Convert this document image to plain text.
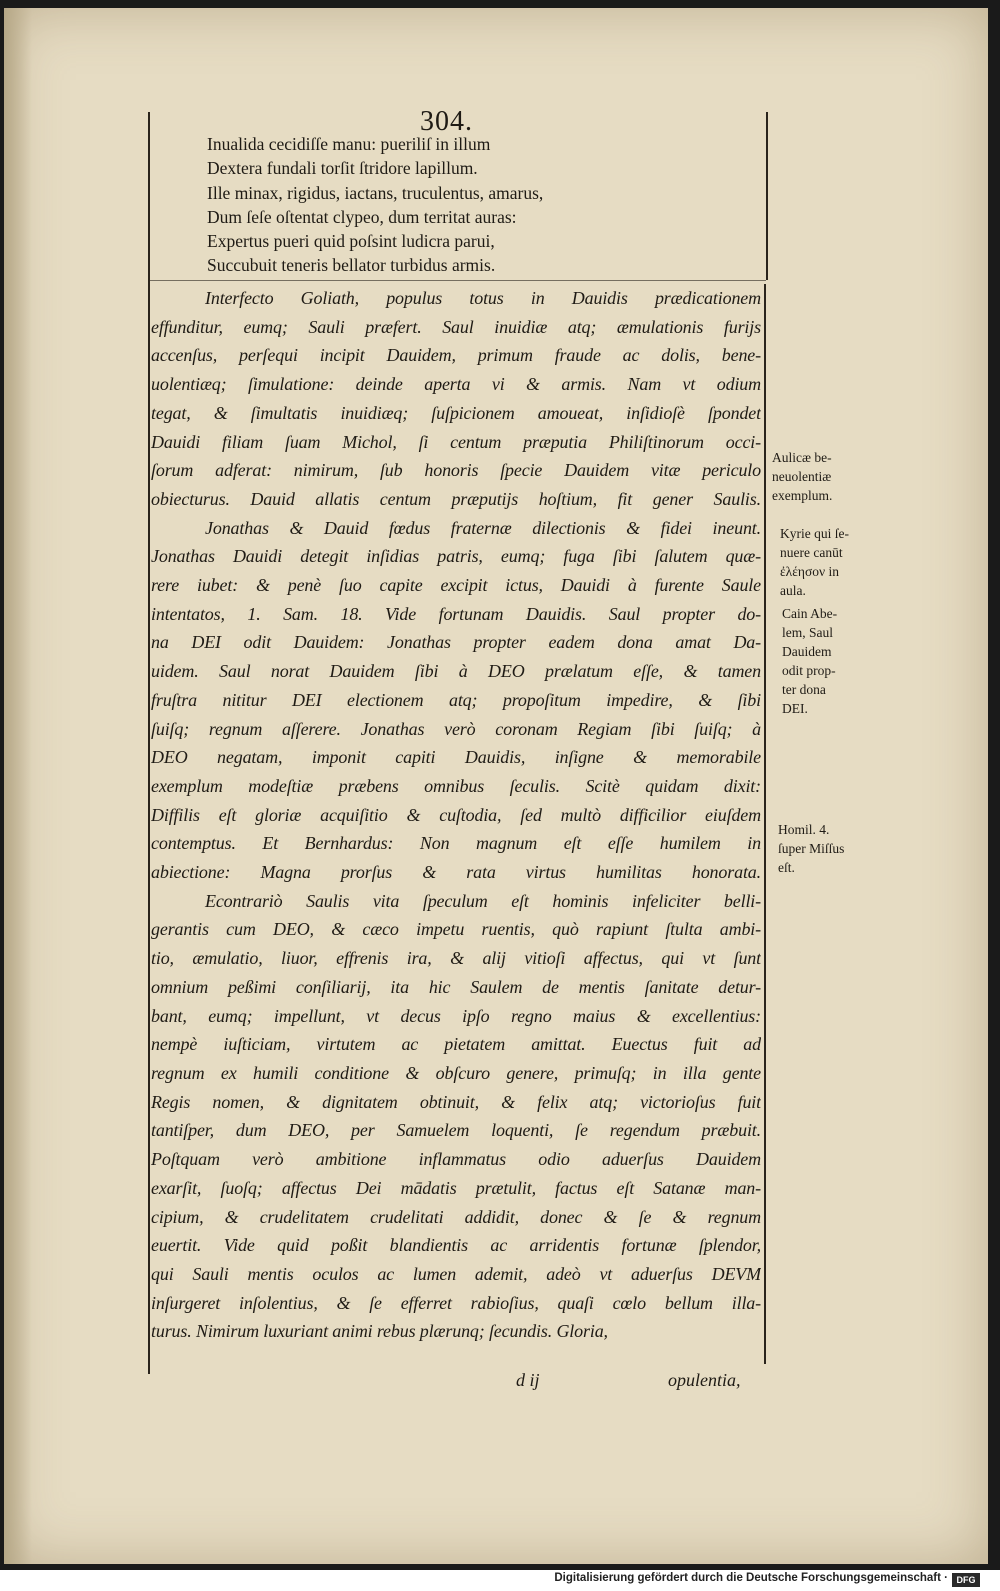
304.
Inualida cecidiſſe manu: pueriliſ in illum
Dextera fundali torſit ſtridore lapillum.
Ille minax, rigidus, iactans, truculentus, amarus,
Dum ſeſe oſtentat clypeo, dum territat auras:
Expertus pueri quid poſsint ludicra parui,
Succubuit teneris bellator turbidus armis.
Interfecto Goliath, populus totus in Dauidis prædicationem
effunditur, eumq; Sauli præfert. Saul inuidiæ atq; æmulationis furijs
accenſus, perſequi incipit Dauidem, primum fraude ac dolis, bene-
uolentiæq; ſimulatione: deinde aperta vi & armis. Nam vt odium
tegat, & ſimultatis inuidiæq; ſuſpicionem amoueat, inſidioſè ſpondet
Dauidi filiam ſuam Michol, ſi centum præputia Philiſtinorum occi-
ſorum adferat: nimirum, ſub honoris ſpecie Dauidem vitæ periculo
obiecturus. Dauid allatis centum præputijs hoſtium, fit gener Saulis.
Jonathas & Dauid fœdus fraternæ dilectionis & fidei ineunt.
Jonathas Dauidi detegit inſidias patris, eumq; fuga ſibi ſalutem quæ-
rere iubet: & penè ſuo capite excipit ictus, Dauidi à furente Saule
intentatos, 1. Sam. 18. Vide fortunam Dauidis. Saul propter do-
na DEI odit Dauidem: Jonathas propter eadem dona amat Da-
uidem. Saul norat Dauidem ſibi à DEO prælatum eſſe, & tamen
fruſtra nititur DEI electionem atq; propoſitum impedire, & ſibi
ſuiſq; regnum aſſerere. Jonathas verò coronam Regiam ſibi ſuiſq; à
DEO negatam, imponit capiti Dauidis, inſigne & memorabile
exemplum modeſtiæ præbens omnibus ſeculis. Scitè quidam dixit:
Diffilis eſt gloriæ acquiſitio & cuſtodia, ſed multò difficilior eiuſdem
contemptus. Et Bernhardus: Non magnum eſt eſſe humilem in
abiectione: Magna prorſus & rata virtus humilitas honorata.
Econtrariò Saulis vita ſpeculum eſt hominis infeliciter belli-
gerantis cum DEO, & cæco impetu ruentis, quò rapiunt ſtulta ambi-
tio, æmulatio, liuor, effrenis ira, & alij vitioſi affectus, qui vt ſunt
omnium peßimi conſiliarij, ita hic Saulem de mentis ſanitate detur-
bant, eumq; impellunt, vt decus ipſo regno maius & excellentius:
nempè iuſticiam, virtutem ac pietatem amittat. Euectus fuit ad
regnum ex humili conditione & obſcuro genere, primuſq; in illa gente
Regis nomen, & dignitatem obtinuit, & felix atq; victorioſus fuit
tantiſper, dum DEO, per Samuelem loquenti, ſe regendum præbuit.
Poſtquam verò ambitione inflammatus odio aduerſus Dauidem
exarſit, ſuoſq; affectus Dei mādatis prætulit, factus eſt Satanæ man-
cipium, & crudelitatem crudelitati addidit, donec & ſe & regnum
euertit. Vide quid poßit blandientis ac arridentis fortunæ ſplendor,
qui Sauli mentis oculos ac lumen ademit, adeò vt aduerſus DEVM
inſurgeret inſolentius, & ſe efferret rabioſius, quaſi cœlo bellum illa-
turus. Nimirum luxuriant animi rebus plærunq; ſecundis. Gloria,
d ij	opulentia,
Aulicæ be-
neuolentiæ
exemplum.
Kyrie qui ſe-
nuere canūt
ἐλέησον in
aula.
Cain Abe-
lem, Saul
Dauidem
odit prop-
ter dona
DEI.
Homil. 4.
ſuper Miſſus
eſt.
Digitalisierung gefördert durch die Deutsche Forschungsgemeinschaft · DFG
